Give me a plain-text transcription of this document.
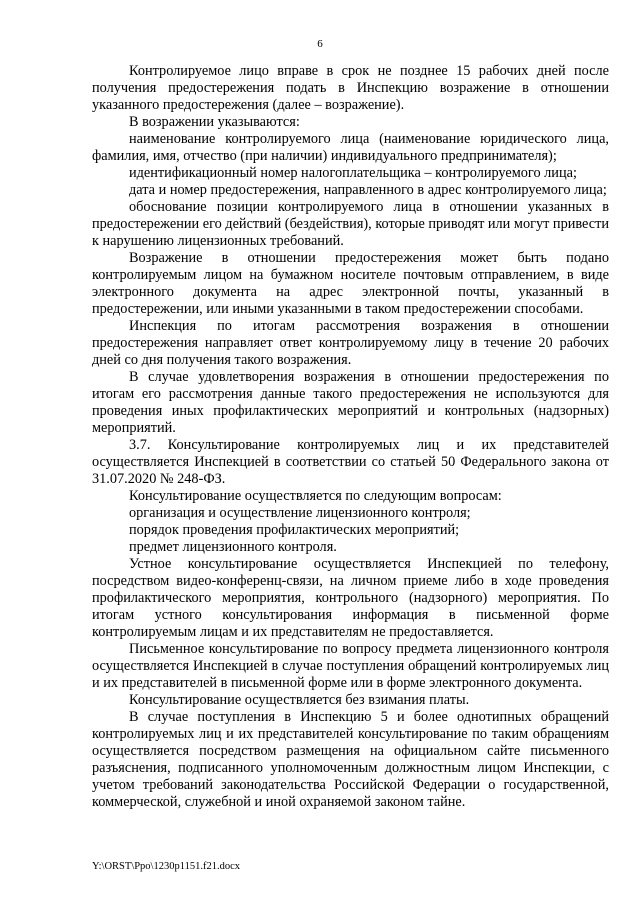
6

Контролируемое лицо вправе в срок не позднее 15 рабочих дней после получения предостережения подать в Инспекцию возражение в отношении указанного предостережения (далее – возражение).

В возражении указываются:

наименование контролируемого лица (наименование юридического лица, фамилия, имя, отчество (при наличии) индивидуального предпринимателя);

идентификационный номер налогоплательщика – контролируемого лица;

дата и номер предостережения, направленного в адрес контролируемого лица;

обоснование позиции контролируемого лица в отношении указанных в предостережении его действий (бездействия), которые приводят или могут привести к нарушению лицензионных требований.

Возражение в отношении предостережения может быть подано контролируемым лицом на бумажном носителе почтовым отправлением, в виде электронного документа на адрес электронной почты, указанный в предостережении, или иными указанными в таком предостережении способами.

Инспекция по итогам рассмотрения возражения в отношении предостережения направляет ответ контролируемому лицу в течение 20 рабочих дней со дня получения такого возражения.

В случае удовлетворения возражения в отношении предостережения по итогам его рассмотрения данные такого предостережения не используются для проведения иных профилактических мероприятий и контрольных (надзорных) мероприятий.

3.7. Консультирование контролируемых лиц и их представителей осуществляется Инспекцией в соответствии со статьей 50 Федерального закона от 31.07.2020 № 248-ФЗ.

Консультирование осуществляется по следующим вопросам:

организация и осуществление лицензионного контроля;

порядок проведения профилактических мероприятий;

предмет лицензионного контроля.

Устное консультирование осуществляется Инспекцией по телефону, посредством видео-конференц-связи, на личном приеме либо в ходе проведения профилактического мероприятия, контрольного (надзорного) мероприятия. По итогам устного консультирования информация в письменной форме контролируемым лицам и их представителям не предоставляется.

Письменное консультирование по вопросу предмета лицензионного контроля осуществляется Инспекцией в случае поступления обращений контролируемых лиц и их представителей в письменной форме или в форме электронного документа.

Консультирование осуществляется без взимания платы.

В случае поступления в Инспекцию 5 и более однотипных обращений контролируемых лиц и их представителей консультирование по таким обращениям осуществляется посредством размещения на официальном сайте письменного разъяснения, подписанного уполномоченным должностным лицом Инспекции, с учетом требований законодательства Российской Федерации о государственной, коммерческой, служебной и иной охраняемой законом тайне.

Y:\ORST\Ppo\1230p1151.f21.docx
